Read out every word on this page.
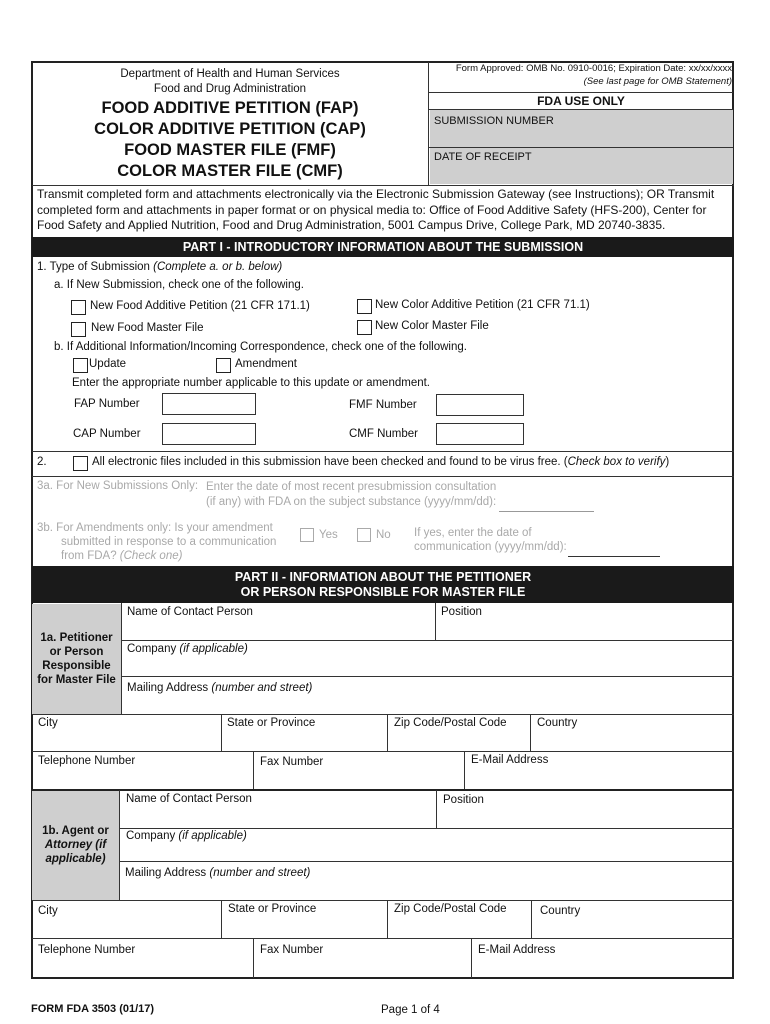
Department of Health and Human Services
Food and Drug Administration
FOOD ADDITIVE PETITION (FAP)
COLOR ADDITIVE PETITION (CAP)
FOOD MASTER FILE (FMF)
COLOR MASTER FILE (CMF)
Form Approved: OMB No. 0910-0016; Expiration Date: xx/xx/xxxx
(See last page for OMB Statement)
FDA USE ONLY
SUBMISSION NUMBER
DATE OF RECEIPT
Transmit completed form and attachments electronically via the Electronic Submission Gateway (see Instructions); OR Transmit
completed form and attachments in paper format or on physical media to: Office of Food Additive Safety (HFS-200), Center for
Food Safety and Applied Nutrition, Food and Drug Administration, 5001 Campus Drive, College Park, MD 20740-3835.
PART I - INTRODUCTORY INFORMATION ABOUT THE SUBMISSION
1. Type of Submission (Complete a. or b. below)
a. If New Submission, check one of the following.
New Food Additive Petition (21 CFR 171.1)	New Color Additive Petition (21 CFR 71.1)
New Food Master File	New Color Master File
b. If Additional Information/Incoming Correspondence, check one of the following.
Update	Amendment
Enter the appropriate number applicable to this update or amendment.
FAP Number	FMF Number
CAP Number	CMF Number
2.	All electronic files included in this submission have been checked and found to be virus free. (Check box to verify)
3a. For New Submissions Only: Enter the date of most recent presubmission consultation
(if any) with FDA on the subject substance (yyyy/mm/dd):
3b. For Amendments only: Is your amendment
submitted in response to a communication
from FDA? (Check one)
Yes	No If yes, enter the date of
communication (yyyy/mm/dd):
PART II - INFORMATION ABOUT THE PETITIONER
OR PERSON RESPONSIBLE FOR MASTER FILE
1a. Petitioner
or Person
Responsible
for Master File
Name of Contact Person	Position
Company (if applicable)
Mailing Address (number and street)
City	State or Province	Zip Code/Postal Code	Country
Telephone Number	Fax Number	E-Mail Address
1b. Agent or
Attorney (if
applicable)
Name of Contact Person	Position
Company (if applicable)
Mailing Address (number and street)
City	State or Province	Zip Code/Postal Code	Country
Telephone Number	Fax Number	E-Mail Address
FORM FDA 3503 (01/17)	Page 1 of 4
